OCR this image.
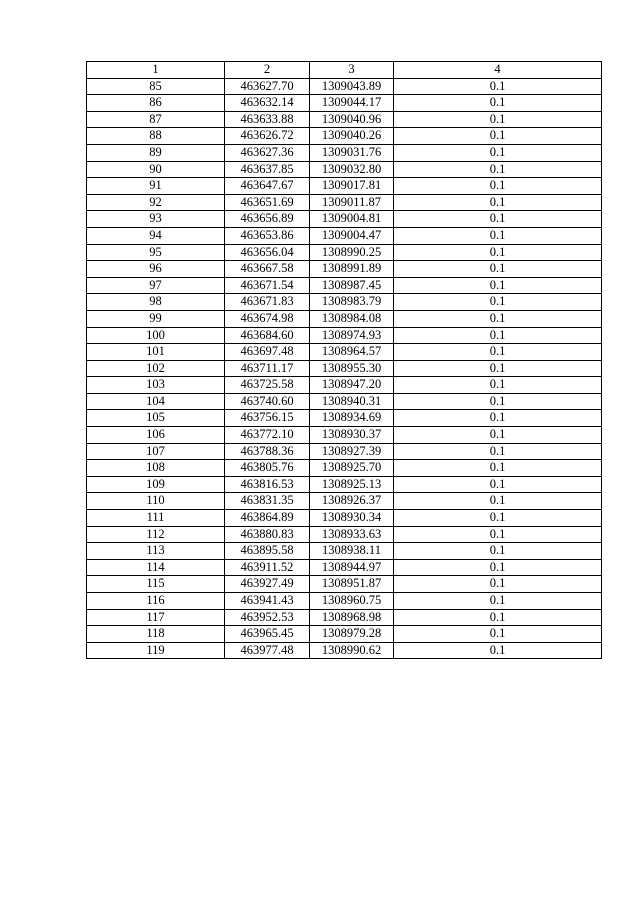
1	2	3	4
85	463627.70	1309043.89	0.1
86	463632.14	1309044.17	0.1
87	463633.88	1309040.96	0.1
88	463626.72	1309040.26	0.1
89	463627.36	1309031.76	0.1
90	463637.85	1309032.80	0.1
91	463647.67	1309017.81	0.1
92	463651.69	1309011.87	0.1
93	463656.89	1309004.81	0.1
94	463653.86	1309004.47	0.1
95	463656.04	1308990.25	0.1
96	463667.58	1308991.89	0.1
97	463671.54	1308987.45	0.1
98	463671.83	1308983.79	0.1
99	463674.98	1308984.08	0.1
100	463684.60	1308974.93	0.1
101	463697.48	1308964.57	0.1
102	463711.17	1308955.30	0.1
103	463725.58	1308947.20	0.1
104	463740.60	1308940.31	0.1
105	463756.15	1308934.69	0.1
106	463772.10	1308930.37	0.1
107	463788.36	1308927.39	0.1
108	463805.76	1308925.70	0.1
109	463816.53	1308925.13	0.1
110	463831.35	1308926.37	0.1
111	463864.89	1308930.34	0.1
112	463880.83	1308933.63	0.1
113	463895.58	1308938.11	0.1
114	463911.52	1308944.97	0.1
115	463927.49	1308951.87	0.1
116	463941.43	1308960.75	0.1
117	463952.53	1308968.98	0.1
118	463965.45	1308979.28	0.1
119	463977.48	1308990.62	0.1
